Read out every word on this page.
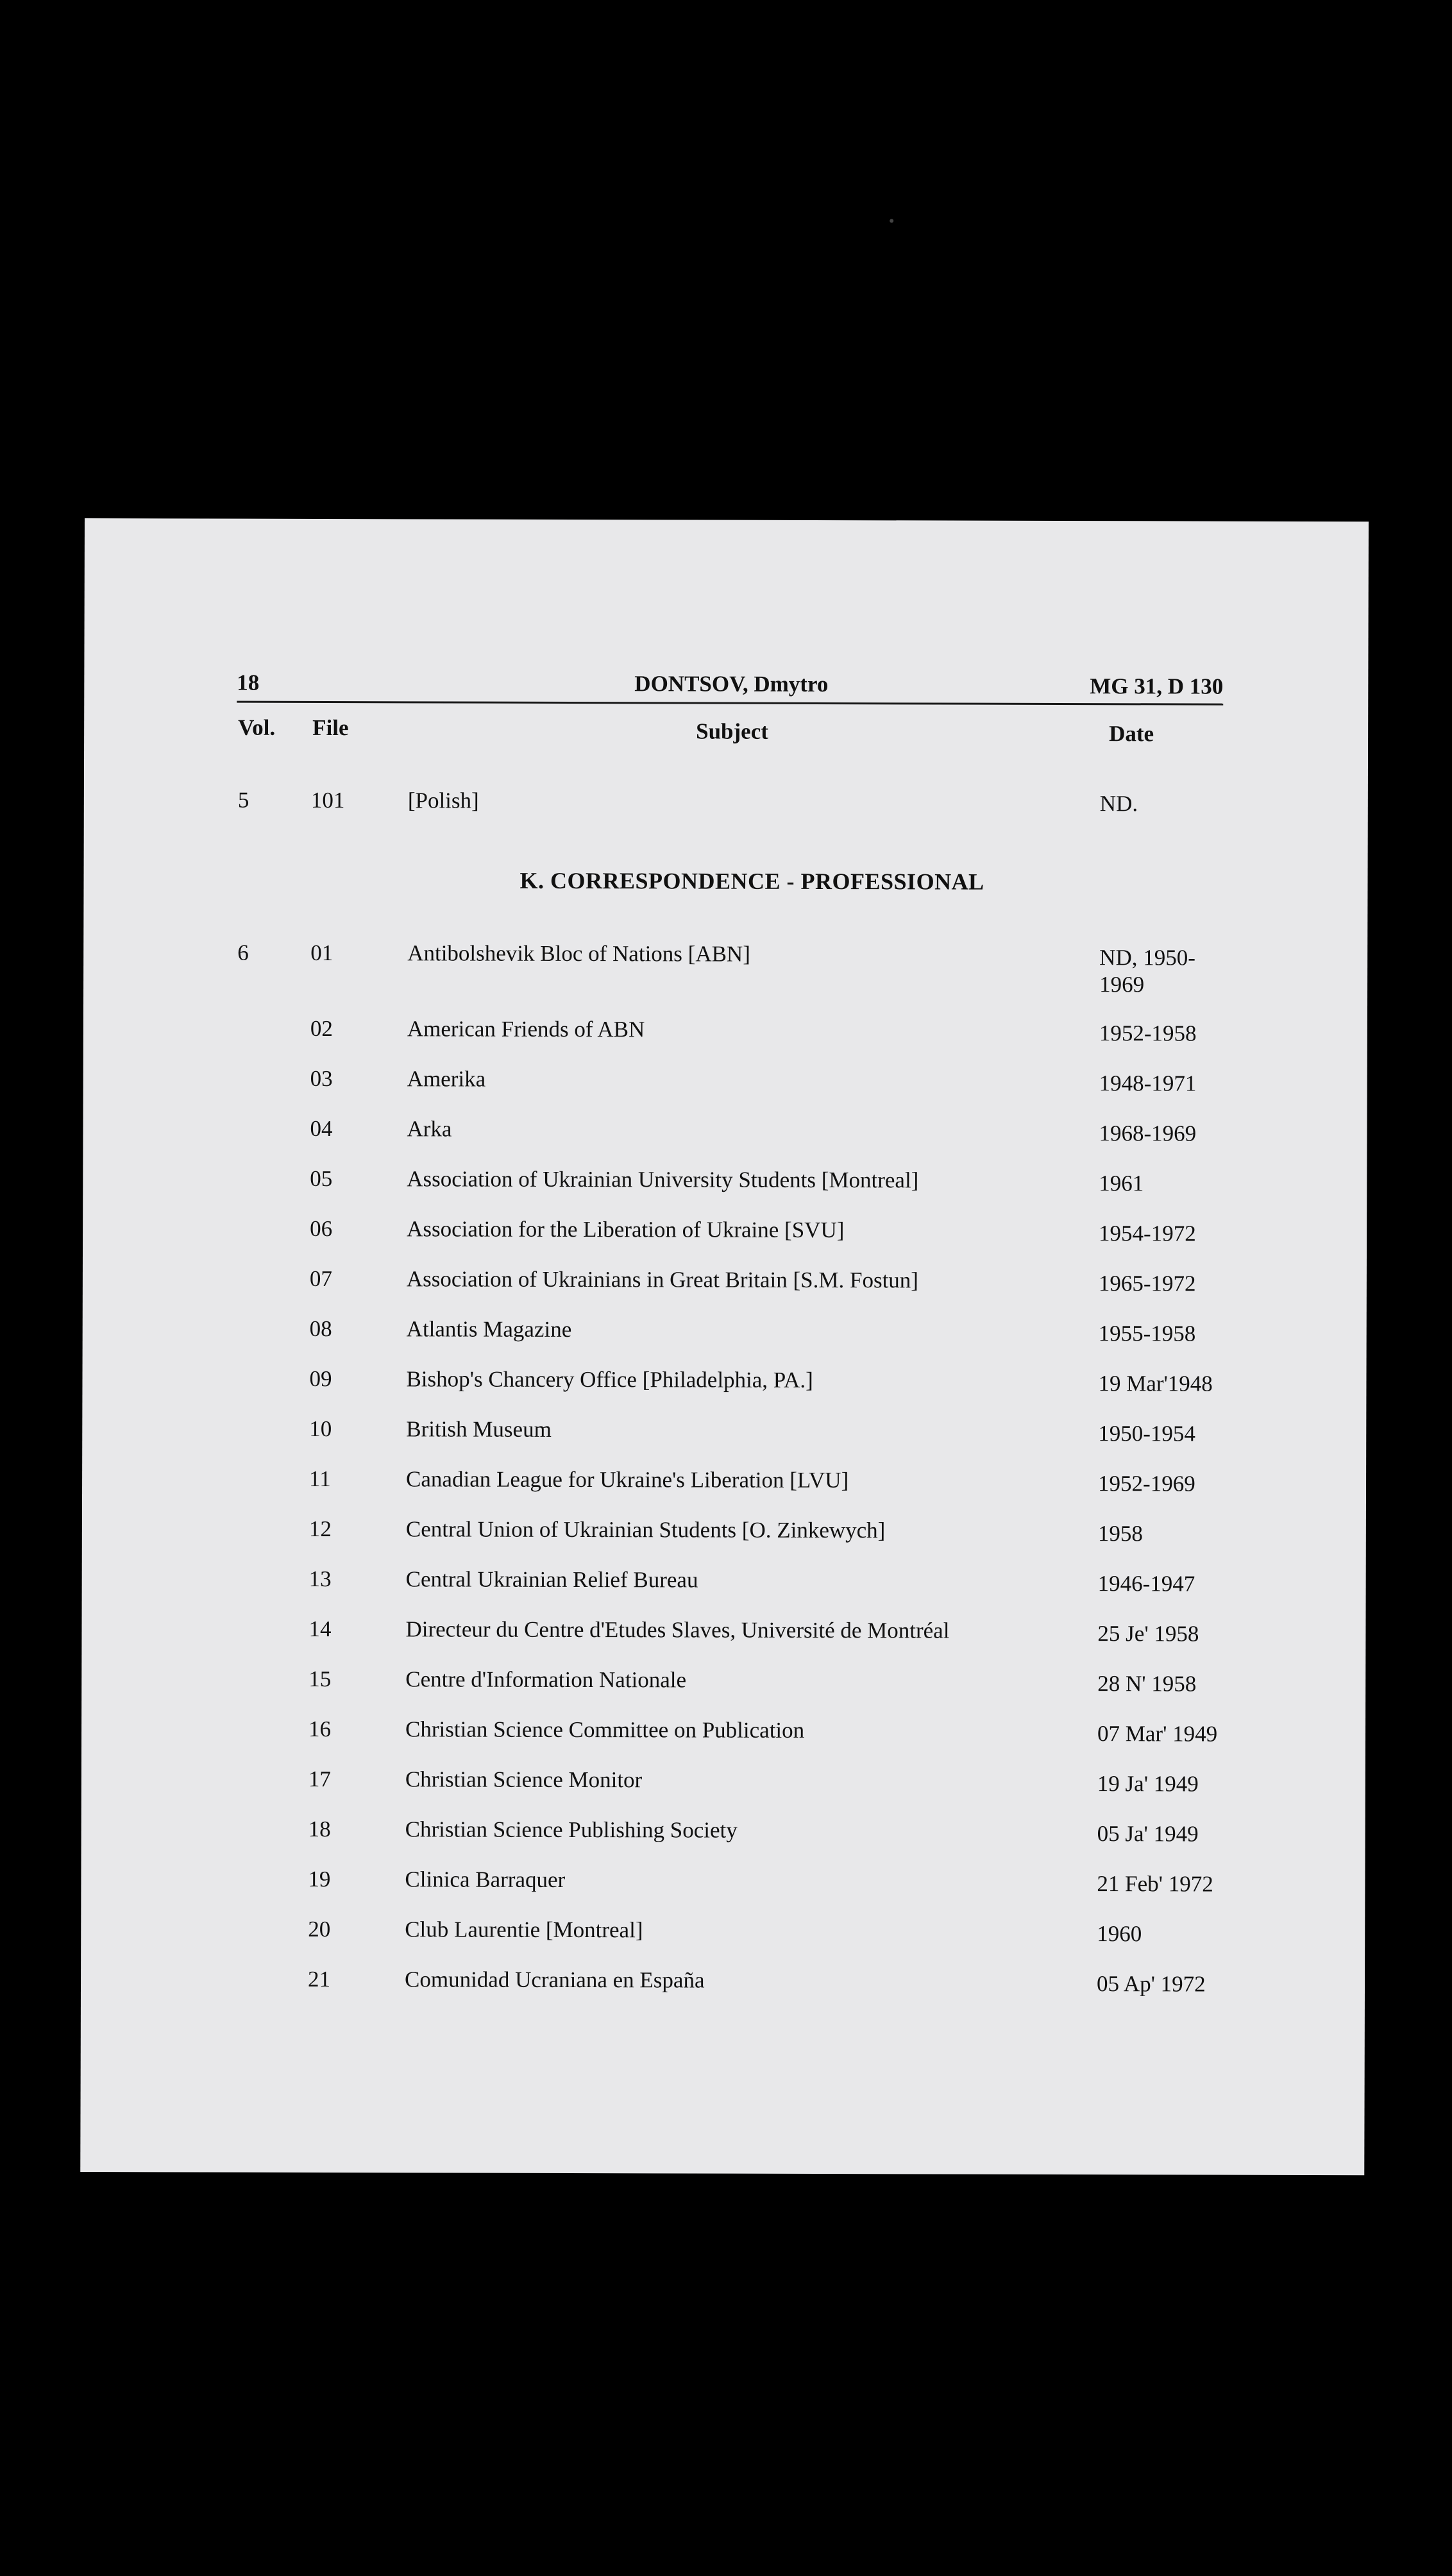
18	DONTSOV, Dmytro	MG 31, D 130
Vol. File	Subject	Date
5	101	[Polish]	ND.
K. CORRESPONDENCE - PROFESSIONAL
6	01	Antibolshevik Bloc of Nations [ABN]	ND, 1950-1969
02	American Friends of ABN	1952-1958
03	Amerika	1948-1971
04	Arka	1968-1969
05	Association of Ukrainian University Students [Montreal]	1961
06	Association for the Liberation of Ukraine [SVU]	1954-1972
07	Association of Ukrainians in Great Britain [S.M. Fostun]	1965-1972
08	Atlantis Magazine	1955-1958
09	Bishop's Chancery Office [Philadelphia, PA.]	19 Mar'1948
10	British Museum	1950-1954
11	Canadian League for Ukraine's Liberation [LVU]	1952-1969
12	Central Union of Ukrainian Students [O. Zinkewych]	1958
13	Central Ukrainian Relief Bureau	1946-1947
14	Directeur du Centre d'Etudes Slaves, Université de Montréal	25 Je' 1958
15	Centre d'Information Nationale	28 N' 1958
16	Christian Science Committee on Publication	07 Mar' 1949
17	Christian Science Monitor	19 Ja' 1949
18	Christian Science Publishing Society	05 Ja' 1949
19	Clinica Barraquer	21 Feb' 1972
20	Club Laurentie [Montreal]	1960
21	Comunidad Ucraniana en España	05 Ap' 1972
